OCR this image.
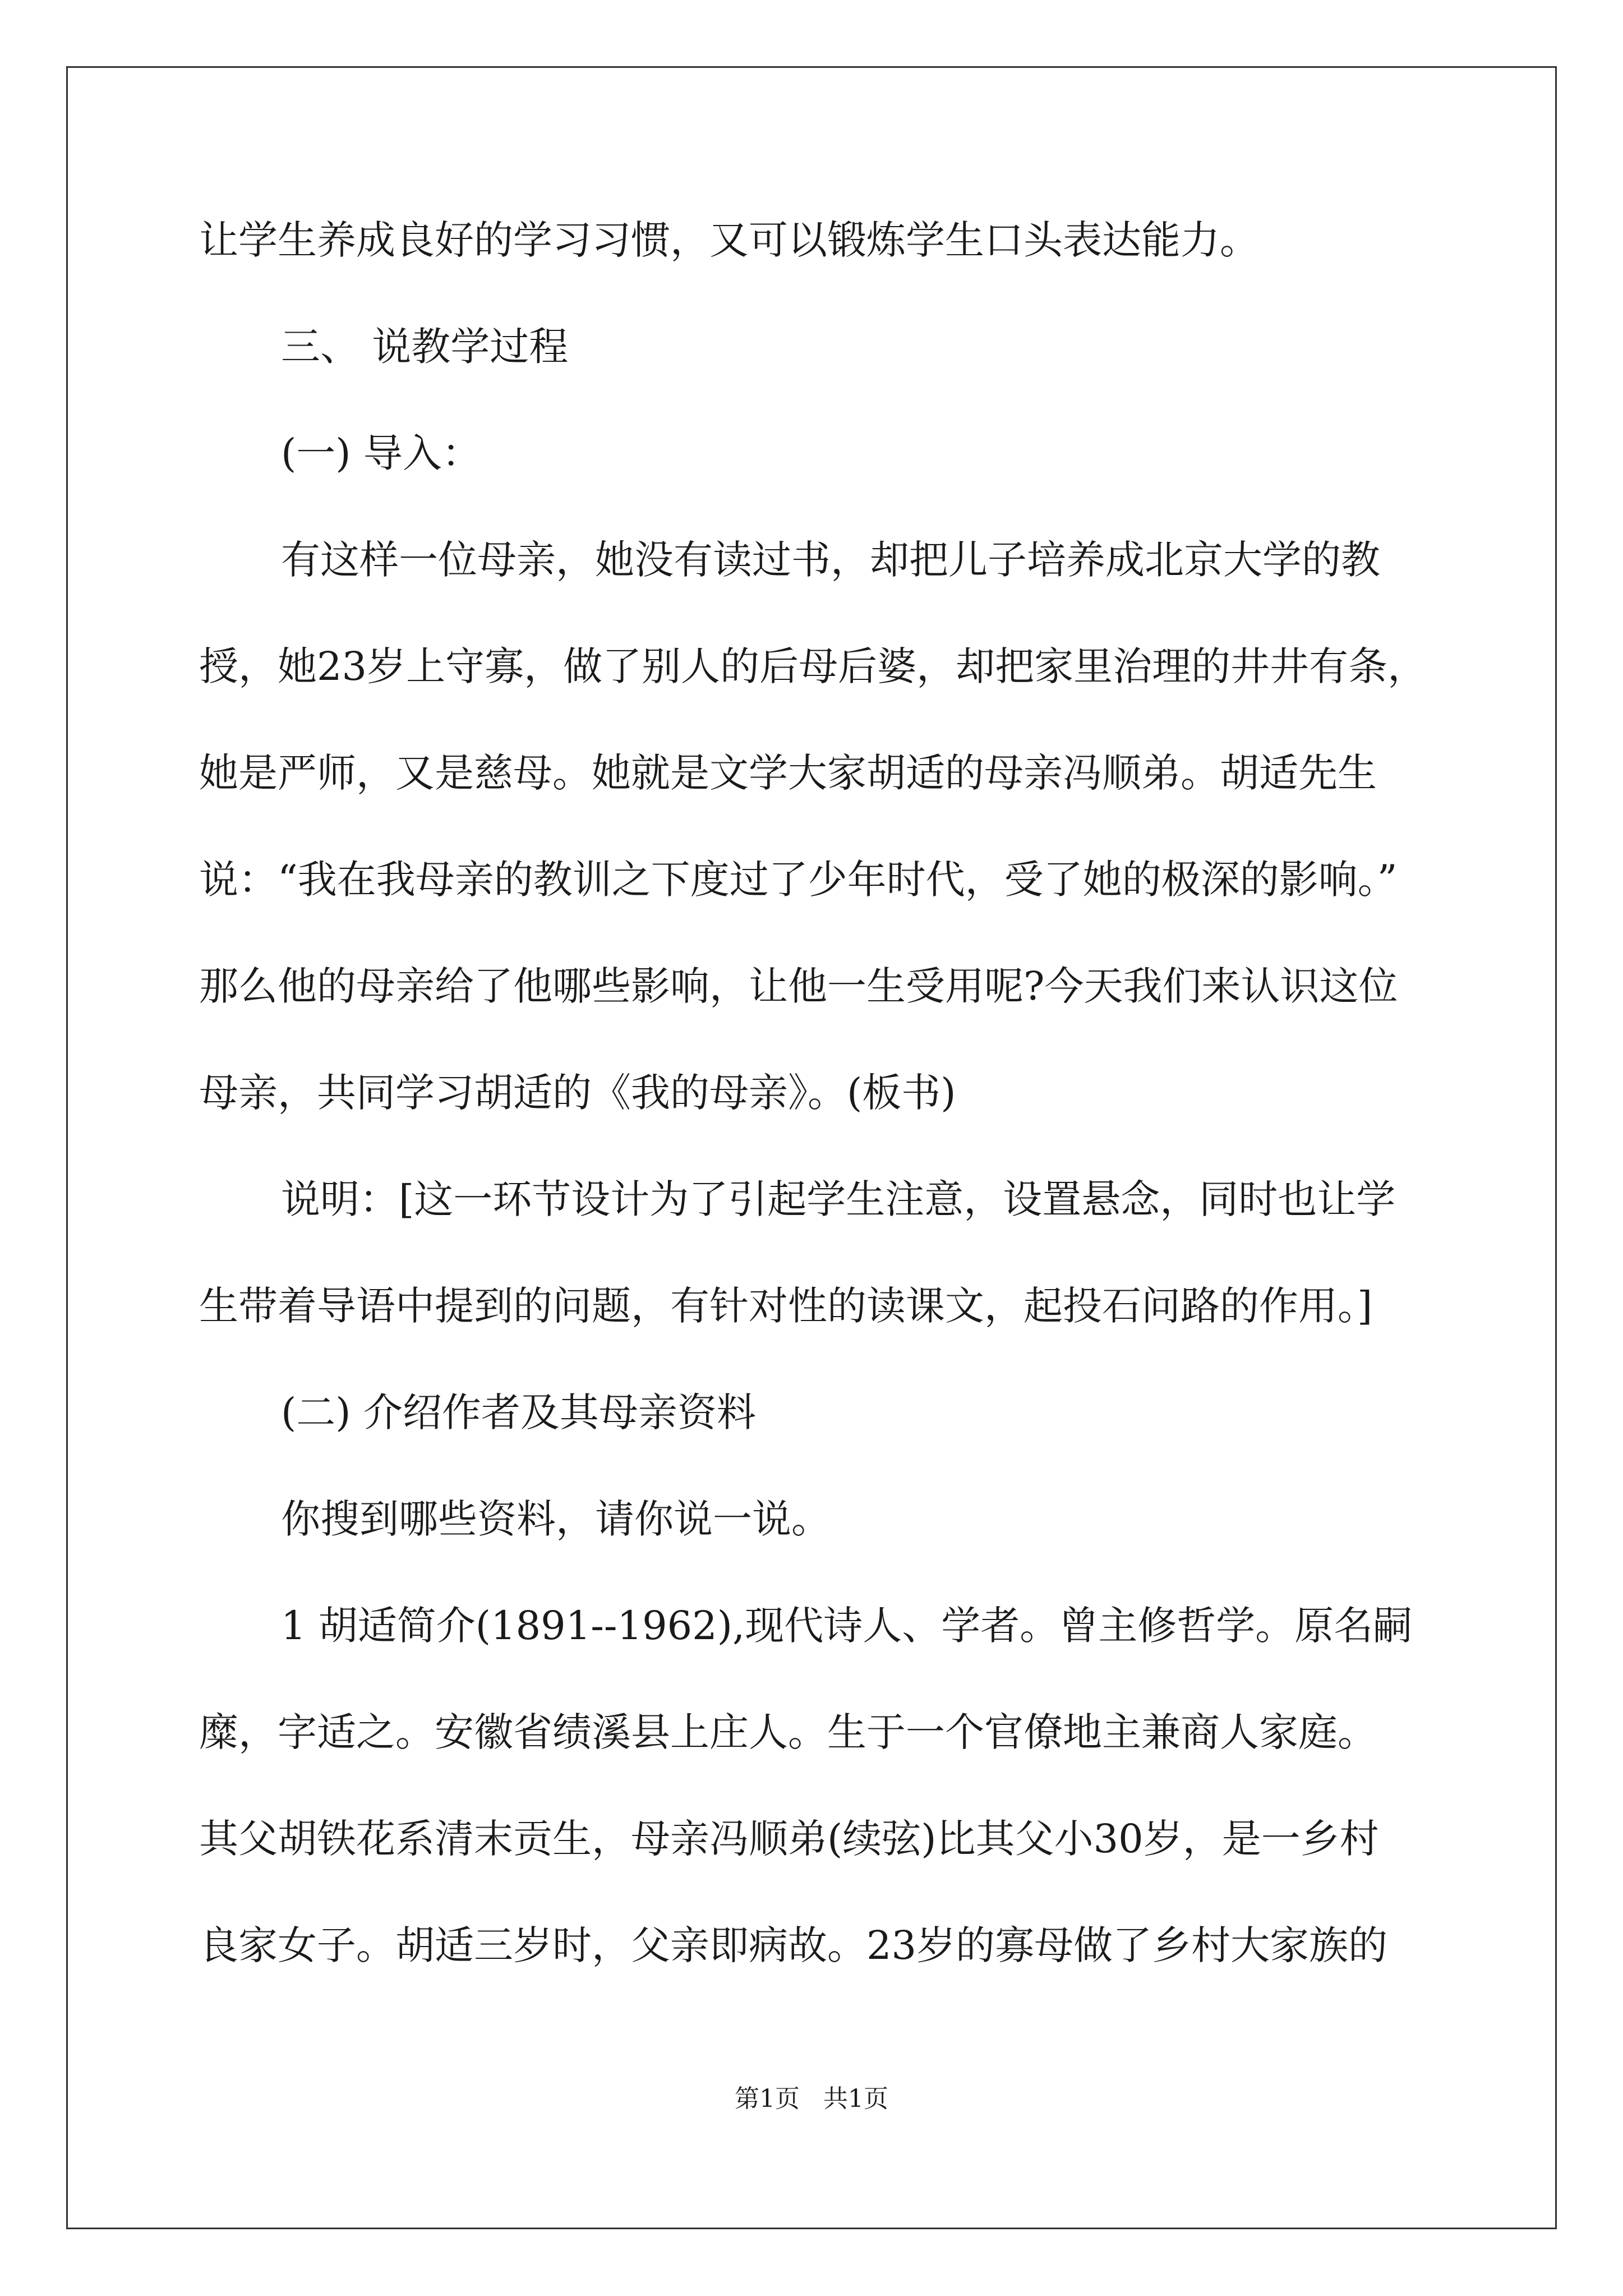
让学生养成良好的学习习惯，又可以锻炼学生口头表达能力。

三、 说教学过程

(一) 导入：

有这样一位母亲，她没有读过书，却把儿子培养成北京大学的教

授，她23岁上守寡，做了别人的后母后婆，却把家里治理的井井有条，

她是严师，又是慈母。她就是文学大家胡适的母亲冯顺弟。胡适先生

说：“我在我母亲的教训之下度过了少年时代，受了她的极深的影响。”

那么他的母亲给了他哪些影响，让他一生受用呢?今天我们来认识这位

母亲，共同学习胡适的《我的母亲》。(板书)

说明：[这一环节设计为了引起学生注意，设置悬念，同时也让学

生带着导语中提到的问题，有针对性的读课文，起投石问路的作用。]

(二) 介绍作者及其母亲资料

你搜到哪些资料，请你说一说。

1 胡适简介(1891--1962),现代诗人、学者。曾主修哲学。原名嗣

糜，字适之。安徽省绩溪县上庄人。生于一个官僚地主兼商人家庭。

其父胡铁花系清末贡生，母亲冯顺弟(续弦)比其父小30岁，是一乡村

良家女子。胡适三岁时，父亲即病故。23岁的寡母做了乡村大家族的

第1页   共1页
